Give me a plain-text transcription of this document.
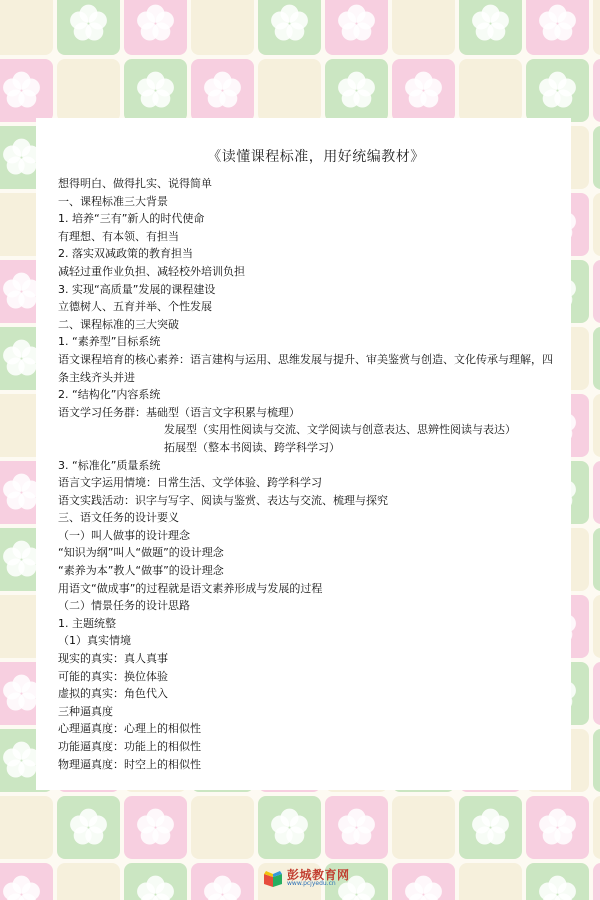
《读懂课程标准，用好统编教材》
想得明白、做得扎实、说得简单
一、课程标准三大背景
1. 培养“三有”新人的时代使命
有理想、有本领、有担当
2. 落实双减政策的教育担当
减轻过重作业负担、减轻校外培训负担
3. 实现“高质量”发展的课程建设
立德树人、五育并举、个性发展
二、课程标准的三大突破
1. “素养型”目标系统
语文课程培育的核心素养：语言建构与运用、思维发展与提升、审美鉴赏与创造、文化传承与理解，四条主线齐头并进
2. “结构化”内容系统
语文学习任务群：基础型（语言文字积累与梳理）
发展型（实用性阅读与交流、文学阅读与创意表达、思辨性阅读与表达）
拓展型（整本书阅读、跨学科学习）
3. “标准化”质量系统
语言文字运用情境：日常生活、文学体验、跨学科学习
语文实践活动：识字与写字、阅读与鉴赏、表达与交流、梳理与探究
三、语文任务的设计要义
（一）叫人做事的设计理念
“知识为纲”叫人“做题”的设计理念
“素养为本”教人“做事”的设计理念
用语文“做成事”的过程就是语文素养形成与发展的过程
（二）情景任务的设计思路
1. 主题统整
（1）真实情境
现实的真实：真人真事
可能的真实：换位体验
虚拟的真实：角色代入
三种逼真度
心理逼真度：心理上的相似性
功能逼真度：功能上的相似性
物理逼真度：时空上的相似性
彭城教育网
www.pcjyedu.cn
